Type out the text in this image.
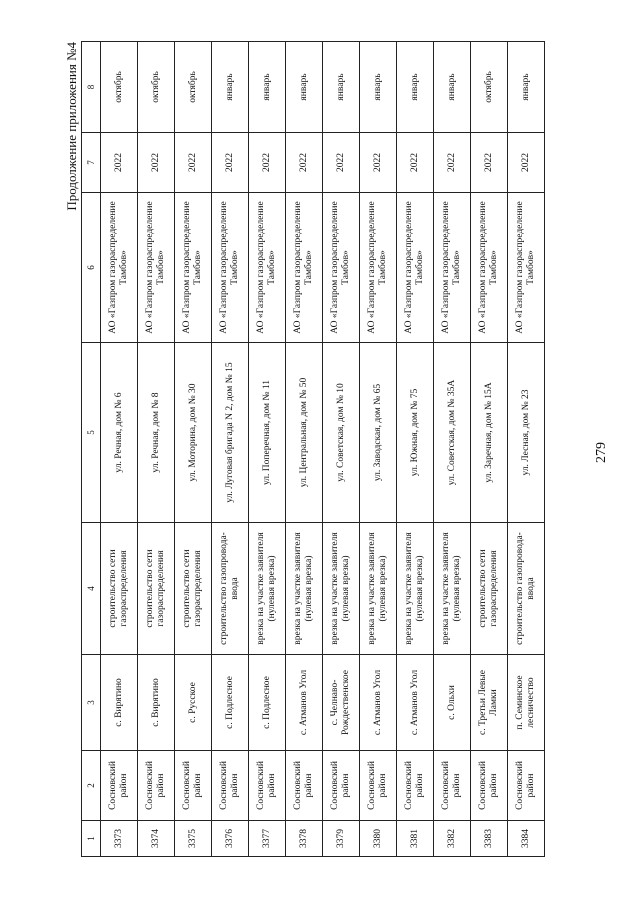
279
Продолжение приложения №4
1	2	3	4	5	6	7	8
3373	Сосновский район	с. Вирятино	строительство сети газораспределения	ул. Речная, дом № 6	АО «Газпром газораспределение Тамбов»	2022	октябрь
3374	Сосновский район	с. Вирятино	строительство сети газораспределения	ул. Речная, дом № 8	АО «Газпром газораспределение Тамбов»	2022	октябрь
3375	Сосновский район	с. Русское	строительство сети газораспределения	ул. Моторина, дом № 30	АО «Газпром газораспределение Тамбов»	2022	октябрь
3376	Сосновский район	с. Подлесное	строительство газопровода-ввода	ул. Луговая бригада N 2, дом № 15	АО «Газпром газораспределение Тамбов»	2022	январь
3377	Сосновский район	с. Подлесное	врезка на участке заявителя (нулевая врезка)	ул. Поперечная, дом № 11	АО «Газпром газораспределение Тамбов»	2022	январь
3378	Сосновский район	с. Атманов Угол	врезка на участке заявителя (нулевая врезка)	ул. Центральная, дом № 50	АО «Газпром газораспределение Тамбов»	2022	январь
3379	Сосновский район	с. Челнаво-Рождественское	врезка на участке заявителя (нулевая врезка)	ул. Советская, дом № 10	АО «Газпром газораспределение Тамбов»	2022	январь
3380	Сосновский район	с. Атманов Угол	врезка на участке заявителя (нулевая врезка)	ул. Заводская, дом № 65	АО «Газпром газораспределение Тамбов»	2022	январь
3381	Сосновский район	с. Атманов Угол	врезка на участке заявителя (нулевая врезка)	ул. Южная, дом № 75	АО «Газпром газораспределение Тамбов»	2022	январь
3382	Сосновский район	с. Ольхи	врезка на участке заявителя (нулевая врезка)	ул. Советская, дом № 35А	АО «Газпром газораспределение Тамбов»	2022	январь
3383	Сосновский район	с. Третьи Левые Ламки	строительство сети газораспределения	ул. Заречная, дом № 15А	АО «Газпром газораспределение Тамбов»	2022	октябрь
3384	Сосновский район	п. Семинское лесничество	строительство газопровода-ввода	ул. Лесная, дом № 23	АО «Газпром газораспределение Тамбов»	2022	январь
